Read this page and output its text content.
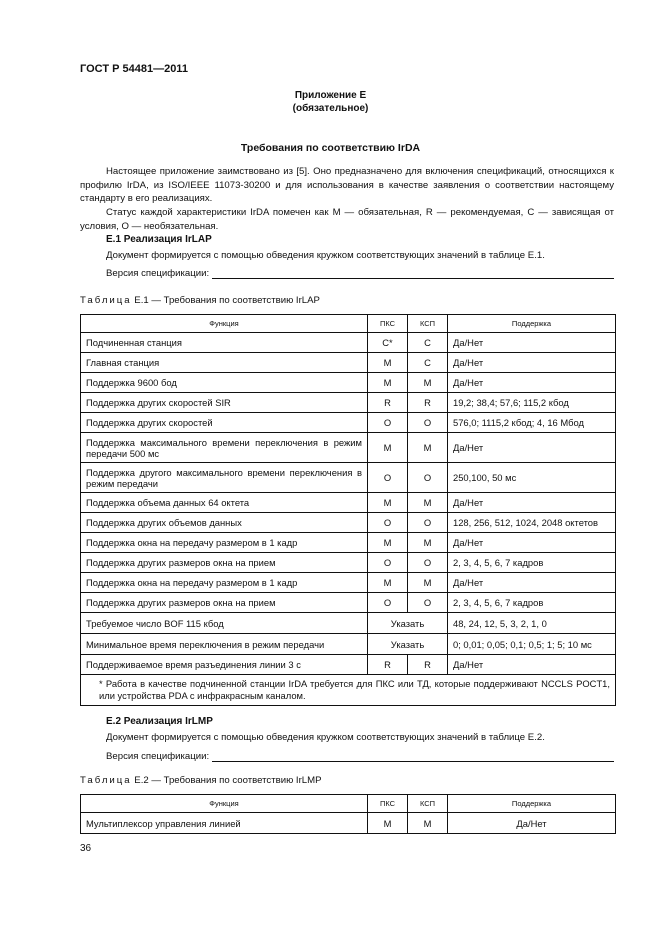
ГОСТ Р 54481—2011
Приложение Е
(обязательное)
Требования по соответствию IrDA
Настоящее приложение заимствовано из [5]. Оно предназначено для включения спецификаций, относящихся к профилю IrDA, из ISO/IEEE 11073-30200 и для использования в качестве заявления о соответствии настоящему стандарту в его реализациях.
Статус каждой характеристики IrDA помечен как М — обязательная, R — рекомендуемая, С — зависящая от условия, О — необязательная.
E.1 Реализация IrLAP
Документ формируется с помощью обведения кружком соответствующих значений в таблице Е.1.
Версия спецификации:
Таблица Е.1 — Требования по соответствию IrLAP
Функция	ПКС	КСП	Поддержка
Подчиненная станция	С*	С	Да/Нет
Главная станция	М	С	Да/Нет
Поддержка 9600 бод	М	М	Да/Нет
Поддержка других скоростей SIR	R	R	19,2; 38,4; 57,6; 115,2 кбод
Поддержка других скоростей	О	О	576,0; 1115,2 кбод; 4, 16 Мбод
Поддержка максимального времени переключения в режим передачи 500 мс	М	М	Да/Нет
Поддержка другого максимального времени переключения в режим передачи	О	О	250,100, 50 мс
Поддержка объема данных 64 октета	М	М	Да/Нет
Поддержка других объемов данных	О	О	128, 256, 512, 1024, 2048 октетов
Поддержка окна на передачу размером в 1 кадр	М	М	Да/Нет
Поддержка других размеров окна на прием	О	О	2, 3, 4, 5, 6, 7 кадров
Поддержка окна на передачу размером в 1 кадр	М	М	Да/Нет
Поддержка других размеров окна на прием	О	О	2, 3, 4, 5, 6, 7 кадров
Требуемое число BOF 115 кбод	Указать		48, 24, 12, 5, 3, 2, 1, 0
Минимальное время переключения в режим передачи	Указать		0; 0,01; 0,05; 0,1; 0,5; 1; 5; 10 мс
Поддерживаемое время разъединения линии 3 с	R	R	Да/Нет
* Работа в качестве подчиненной станции IrDA требуется для ПКС или ТД, которые поддерживают NCCLS POCT1, или устройства PDA с инфракрасным каналом.			
Е.2 Реализация IrLMP
Документ формируется с помощью обведения кружком соответствующих значений в таблице Е.2.
Версия спецификации:
Таблица Е.2 — Требования по соответствию IrLMP
Функция	ПКС	КСП	Поддержка
Мультиплексор управления линией	М	М	Да/Нет
36
